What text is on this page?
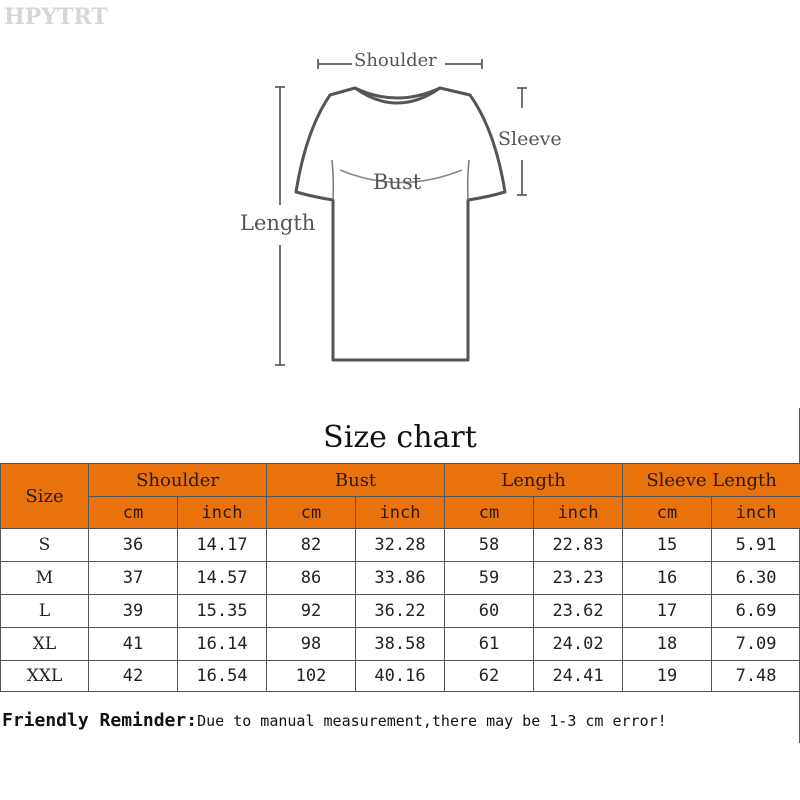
HPYTRT
Shoulder
Sleeve
Bust
Length
Size chart
Size	Shoulder		Bust		Length		Sleeve Length	
	cm	inch	cm	inch	cm	inch	cm	inch
S	36	14.17	82	32.28	58	22.83	15	5.91
M	37	14.57	86	33.86	59	23.23	16	6.30
L	39	15.35	92	36.22	60	23.62	17	6.69
XL	41	16.14	98	38.58	61	24.02	18	7.09
XXL	42	16.54	102	40.16	62	24.41	19	7.48
Friendly Reminder:Due to manual measurement,there may be 1-3 cm error!
